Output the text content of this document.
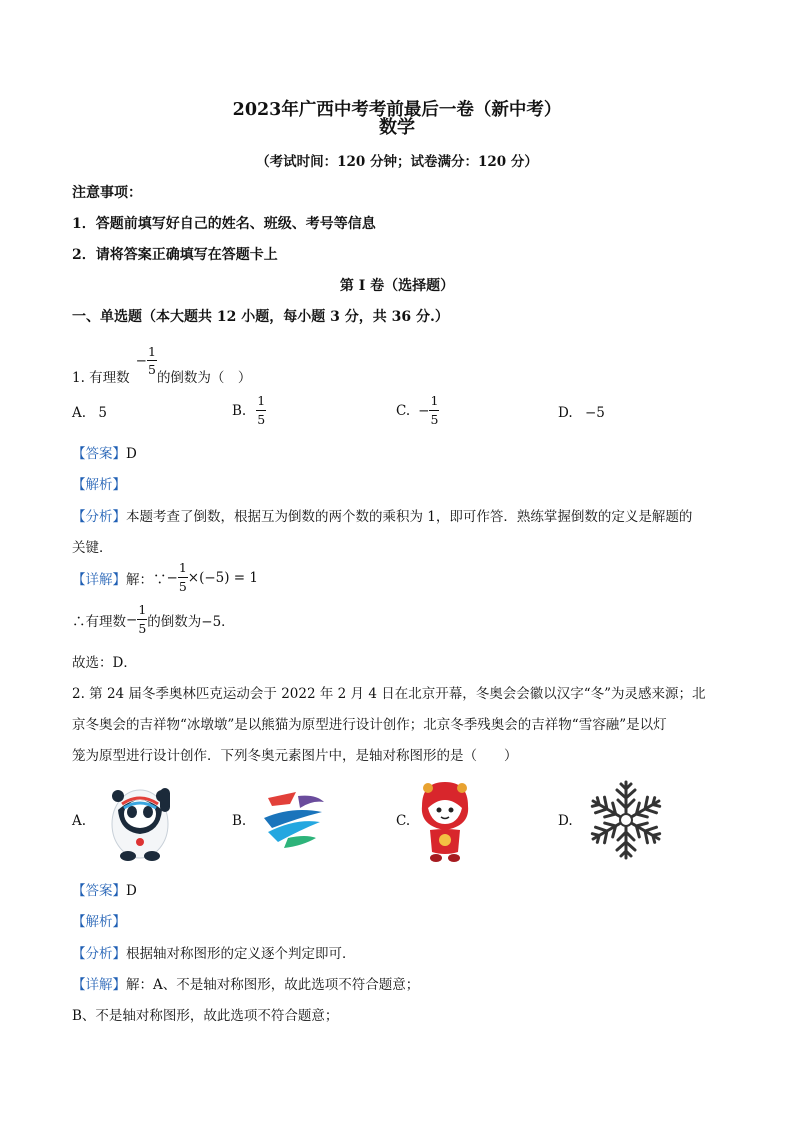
2023年广西中考考前最后一卷（新中考）
数学
（考试时间：120 分钟；试卷满分：120 分）
注意事项：
1．答题前填写好自己的姓名、班级、考号等信息
2．请将答案正确填写在答题卡上
第 I 卷（选择题）
一、单选题（本大题共 12 小题，每小题 3 分，共 36 分.）
1. 有理数
− $\frac{1}{5}$
的倒数为（　）
A. 5	B. $\frac{1}{5}$	C. − $\frac{1}{5}$	D. −5
【答案】D
【解析】
【分析】本题考查了倒数，根据互为倒数的两个数的乘积为 1，即可作答．熟练掌握倒数的定义是解题的
关键．
【详解】 解：∵ − $\frac{1}{5} \times(-5) = 1$
∴有理数 − $\frac{1}{5}$ 的倒数为−5．
故选：D．
2. 第 24 届冬季奥林匹克运动会于 2022 年 2 月 4 日在北京开幕，冬奥会会徽以汉字“冬”为灵感来源；北
京冬奥会的吉祥物“冰墩墩”是以熊猫为原型进行设计创作；北京冬季残奥会的吉祥物“雪容融”是以灯
笼为原型进行设计创作．下列冬奥元素图片中，是轴对称图形的是（　　）
A.	B.	C.	D.
【答案】D
【解析】
【分析】根据轴对称图形的定义逐个判定即可．
【详解】解：A、不是轴对称图形，故此选项不符合题意；
B、不是轴对称图形，故此选项不符合题意；
